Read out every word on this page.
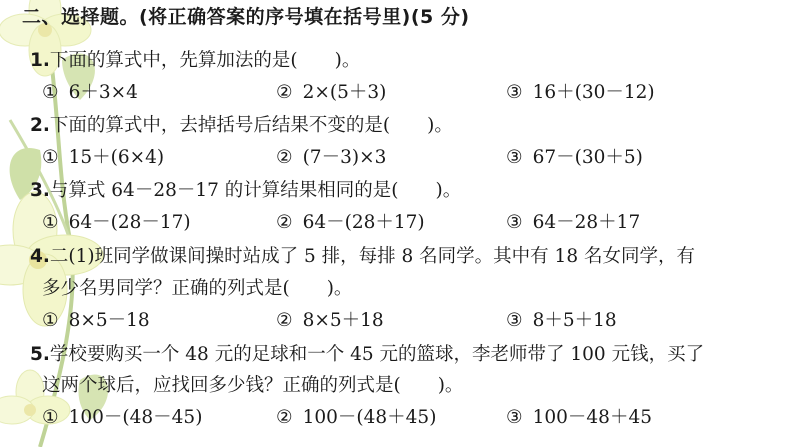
二、选择题。(将正确答案的序号填在括号里)(5 分)
1.下面的算式中，先算加法的是(　　)。
① 6＋3×4	② 2×(5＋3)	③ 16＋(30－12)
2.下面的算式中，去掉括号后结果不变的是(　　)。
① 15＋(6×4)	② (7－3)×3	③ 67－(30＋5)
3.与算式 64－28－17 的计算结果相同的是(　　)。
① 64－(28－17)	② 64－(28＋17)	③ 64－28＋17
4.二(1)班同学做课间操时站成了 5 排，每排 8 名同学。其中有 18 名女同学，有
多少名男同学？正确的列式是(　　)。
① 8×5－18	② 8×5＋18	③ 8＋5＋18
5.学校要购买一个 48 元的足球和一个 45 元的篮球，李老师带了 100 元钱，买了
这两个球后，应找回多少钱？正确的列式是(　　)。
① 100－(48－45)	② 100－(48＋45)	③ 100－48＋45
